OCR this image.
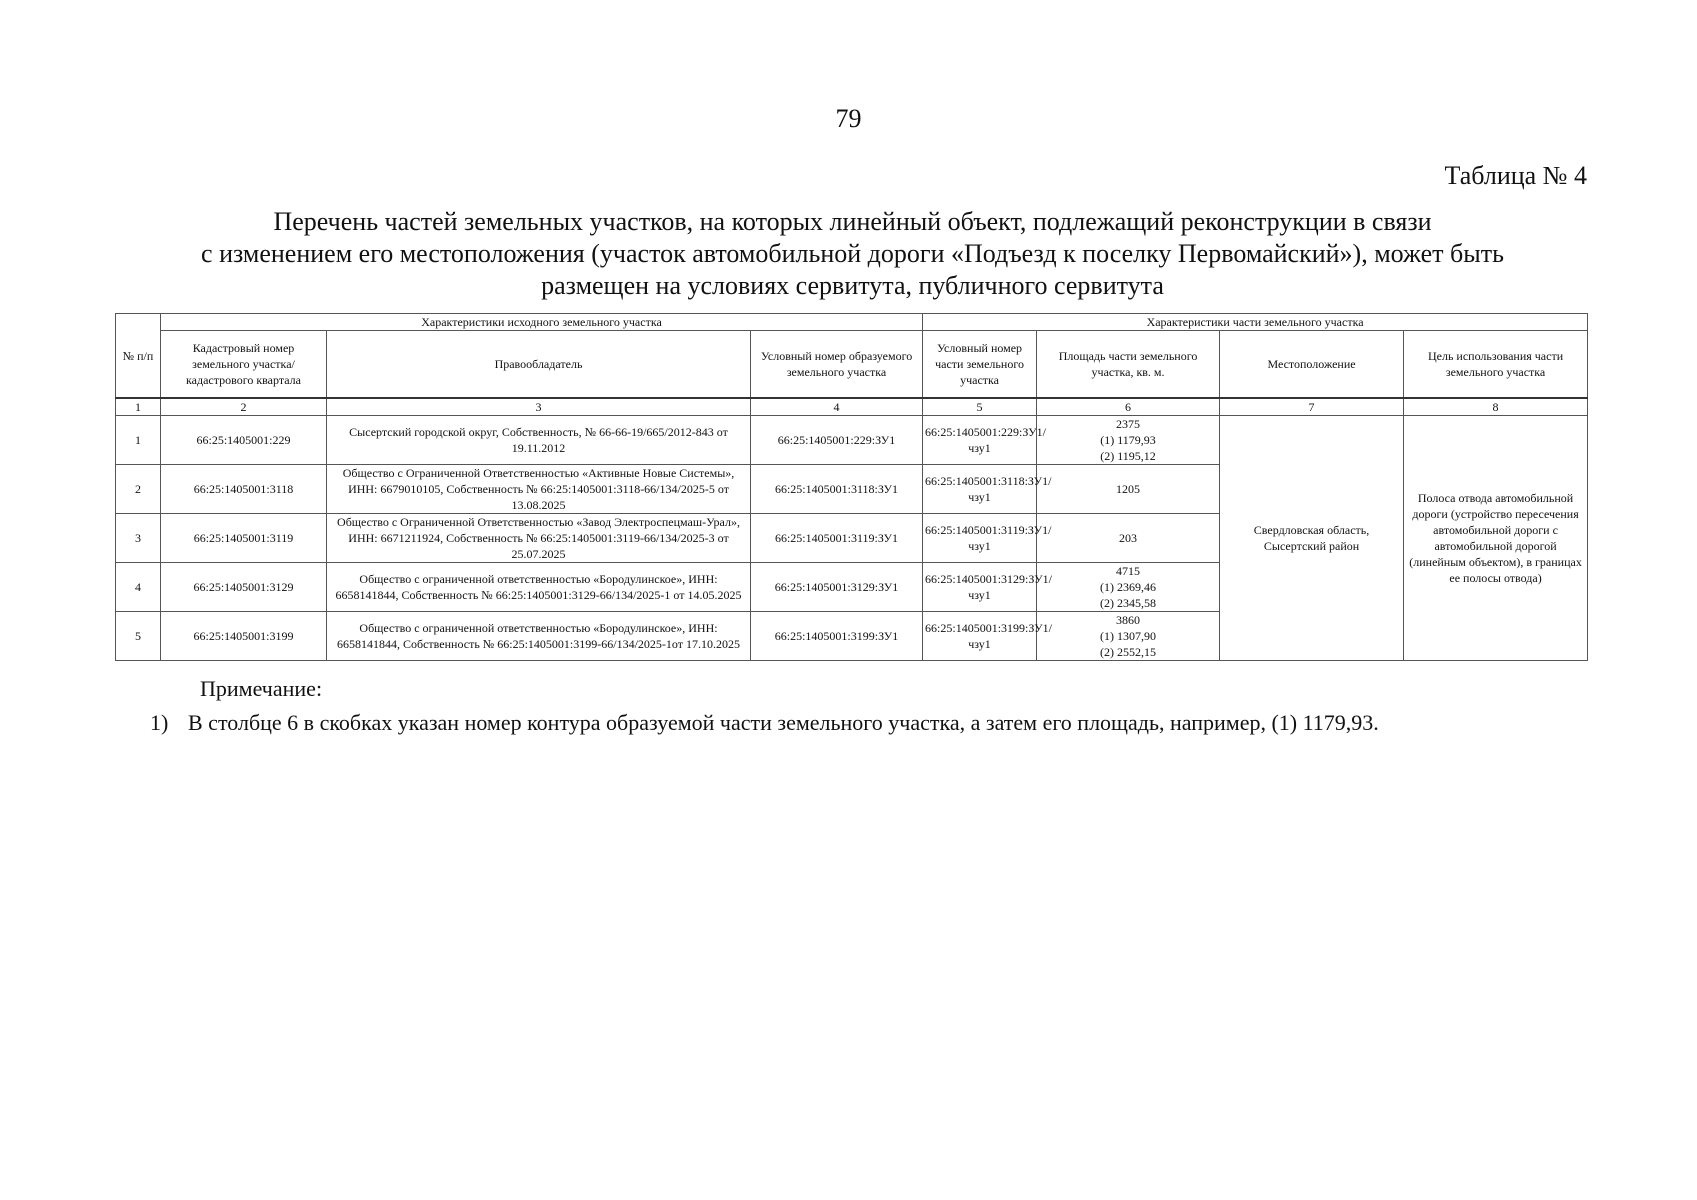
79
Таблица № 4
Перечень частей земельных участков, на которых линейный объект, подлежащий реконструкции в связи
с изменением его местоположения (участок автомобильной дороги «Подъезд к поселку Первомайский»), может быть
размещен на условиях сервитута, публичного сервитута
№ п/п	Характеристики исходного земельного участка			Характеристики части земельного участка			
	Кадастровый номер земельного участка/кадастрового квартала	Правообладатель	Условный номер образуемого земельного участка	Условный номер части земельного участка	Площадь части земельного участка, кв. м.	Местоположение	Цель использования части земельного участка
1	2	3	4	5	6	7	8
1	66:25:1405001:229	Сысертский городской округ, Собственность, № 66-66-19/665/2012-843 от 19.11.2012	66:25:1405001:229:ЗУ1	66:25:1405001:229:ЗУ1/чзу1	2375
(1) 1179,93
(2) 1195,12	Свердловская область, Сысертский район	Полоса отвода автомобильной дороги (устройство пересечения автомобильной дороги с автомобильной дорогой (линейным объектом), в границах ее полосы отвода)
2	66:25:1405001:3118	Общество с Ограниченной Ответственностью «Активные Новые Системы», ИНН: 6679010105, Собственность № 66:25:1405001:3118-66/134/2025-5 от 13.08.2025	66:25:1405001:3118:ЗУ1	66:25:1405001:3118:ЗУ1/чзу1	1205		

3	66:25:1405001:3119	Общество с Ограниченной Ответственностью «Завод Электроспецмаш-Урал», ИНН: 6671211924, Собственность № 66:25:1405001:3119-66/134/2025-3 от 25.07.2025	66:25:1405001:3119:ЗУ1	66:25:1405001:3119:ЗУ1/чзу1	203		

4	66:25:1405001:3129	Общество с ограниченной ответственностью «Бородулинское», ИНН: 6658141844, Собственность № 66:25:1405001:3129-66/134/2025-1 от 14.05.2025	66:25:1405001:3129:ЗУ1	66:25:1405001:3129:ЗУ1/чзу1	4715
(1) 2369,46
(2) 2345,58		

5	66:25:1405001:3199	Общество с ограниченной ответственностью «Бородулинское», ИНН: 6658141844, Собственность № 66:25:1405001:3199-66/134/2025-1от 17.10.2025	66:25:1405001:3199:ЗУ1	66:25:1405001:3199:ЗУ1/чзу1	3860
(1) 1307,90
(2) 2552,15		
Примечание:
1) В столбце 6 в скобках указан номер контура образуемой части земельного участка, а затем его площадь, например, (1) 1179,93.
